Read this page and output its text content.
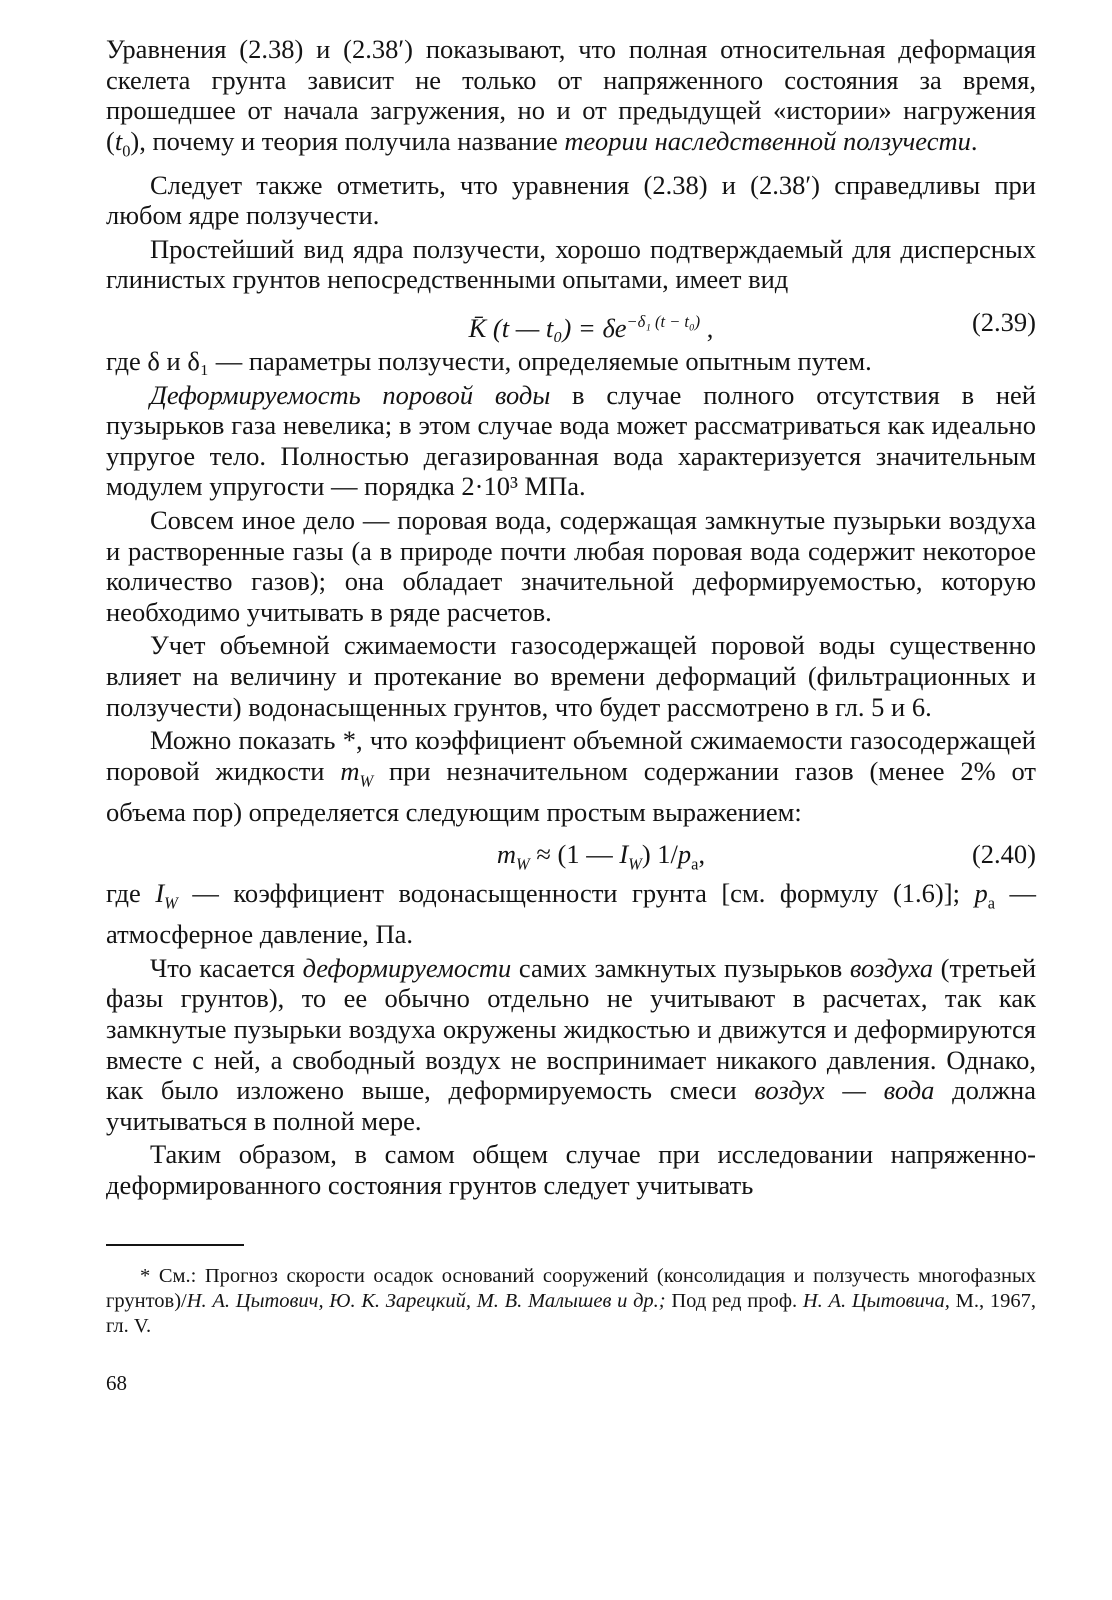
Уравнения (2.38) и (2.38′) показывают, что полная относительная деформация скелета грунта зависит не только от напряженного состояния за время, прошедшее от начала загружения, но и от предыдущей «истории» нагружения $(t_0)$, почему и теория получила название теории наследственной ползучести.

Следует также отметить, что уравнения (2.38) и (2.38′) справедливы при любом ядре ползучести.

Простейший вид ядра ползучести, хорошо подтверждаемый для дисперсных глинистых грунтов непосредственными опытами, имеет вид

K̄ (t — $t_0) = \delta e^{-\delta_1 (t - t_0)}$ ,	(2.39)

где δ и δ₁ — параметры ползучести, определяемые опытным путем.

Деформируемость поровой воды в случае полного отсутствия в ней пузырьков газа невелика; в этом случае вода может рассматриваться как идеально упругое тело. Полностью дегазированная вода характеризуется значительным модулем упругости — порядка 2·10³ МПа.

Совсем иное дело — поровая вода, содержащая замкнутые пузырьки воздуха и растворенные газы (а в природе почти любая поровая вода содержит некоторое количество газов); она обладает значительной деформируемостью, которую необходимо учитывать в ряде расчетов.

Учет объемной сжимаемости газосодержащей поровой воды существенно влияет на величину и протекание во времени деформаций (фильтрационных и ползучести) водонасыщенных грунтов, что будет рассмотрено в гл. 5 и 6.

Можно показать *, что коэффициент объемной сжимаемости газосодержащей поровой жидкости $m_W$ при незначительном содержании газов (менее 2% от объема пор) определяется следующим простым выражением:

$m_W \approx (1$ — $I_W$) $1/p_а$,	(2.40)

где $I_W$ — коэффициент водонасыщенности грунта [см. формулу (1.6)]; $p_а$ — атмосферное давление, Па.

Что касается деформируемости самих замкнутых пузырьков воздуха (третьей фазы грунтов), то ее обычно отдельно не учитывают в расчетах, так как замкнутые пузырьки воздуха окружены жидкостью и движутся и деформируются вместе с ней, а свободный воздух не воспринимает никакого давления. Однако, как было изложено выше, деформируемость смеси воздух — вода должна учитываться в полной мере.

Таким образом, в самом общем случае при исследовании напряженно-деформированного состояния грунтов следует учитывать

* См.: Прогноз скорости осадок оснований сооружений (консолидация и ползучесть многофазных грунтов)/Н. А. Цытович, Ю. К. Зарецкий, М. В. Малышев и др.; Под ред проф. Н. А. Цытовича, М., 1967, гл. V.

68
